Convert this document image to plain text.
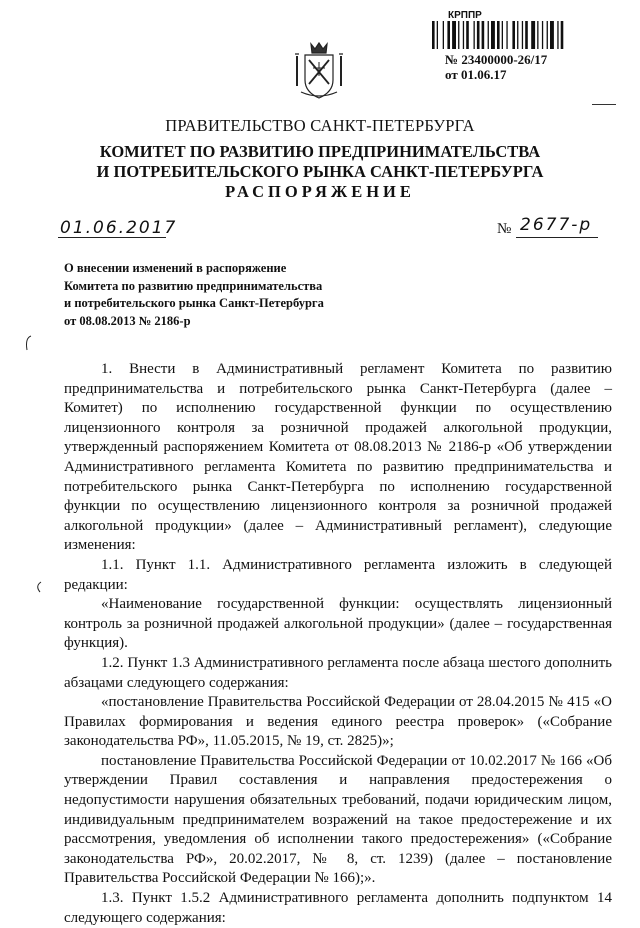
КРППР
№ 23400000-26/17
от 01.06.17
ПРАВИТЕЛЬСТВО САНКТ-ПЕТЕРБУРГА
КОМИТЕТ ПО РАЗВИТИЮ ПРЕДПРИНИМАТЕЛЬСТВА
И ПОТРЕБИТЕЛЬСКОГО РЫНКА САНКТ-ПЕТЕРБУРГА
РАСПОРЯЖЕНИЕ
01.06.2017	№ 2677-р
О внесении изменений в распоряжение
Комитета по развитию предпринимательства
и потребительского рынка Санкт-Петербурга
от 08.08.2013 № 2186-р

1. Внести в Административный регламент Комитета по развитию предпринимательства и потребительского рынка Санкт-Петербурга (далее – Комитет) по исполнению государственной функции по осуществлению лицензионного контроля за розничной продажей алкогольной продукции, утвержденный распоряжением Комитета от 08.08.2013 № 2186-р «Об утверждении Административного регламента Комитета по развитию предпринимательства и потребительского рынка Санкт-Петербурга по исполнению государственной функции по осуществлению лицензионного контроля за розничной продажей алкогольной продукции» (далее – Административный регламент), следующие изменения:

1.1. Пункт 1.1. Административного регламента изложить в следующей редакции:

«Наименование государственной функции: осуществлять лицензионный контроль за розничной продажей алкогольной продукции» (далее – государственная функция).

1.2. Пункт 1.3 Административного регламента после абзаца шестого дополнить абзацами следующего содержания:

«постановление Правительства Российской Федерации от 28.04.2015 № 415 «О Правилах формирования и ведения единого реестра проверок» («Собрание законодательства РФ», 11.05.2015, № 19, ст. 2825)»;

постановление Правительства Российской Федерации от 10.02.2017 № 166 «Об утверждении Правил составления и направления предостережения о недопустимости нарушения обязательных требований, подачи юридическим лицом, индивидуальным предпринимателем возражений на такое предостережение и их рассмотрения, уведомления об исполнении такого предостережения» («Собрание законодательства РФ», 20.02.2017, № 8, ст. 1239) (далее – постановление Правительства Российской Федерации № 166);».

1.3. Пункт 1.5.2 Административного регламента дополнить подпунктом 14 следующего содержания:
